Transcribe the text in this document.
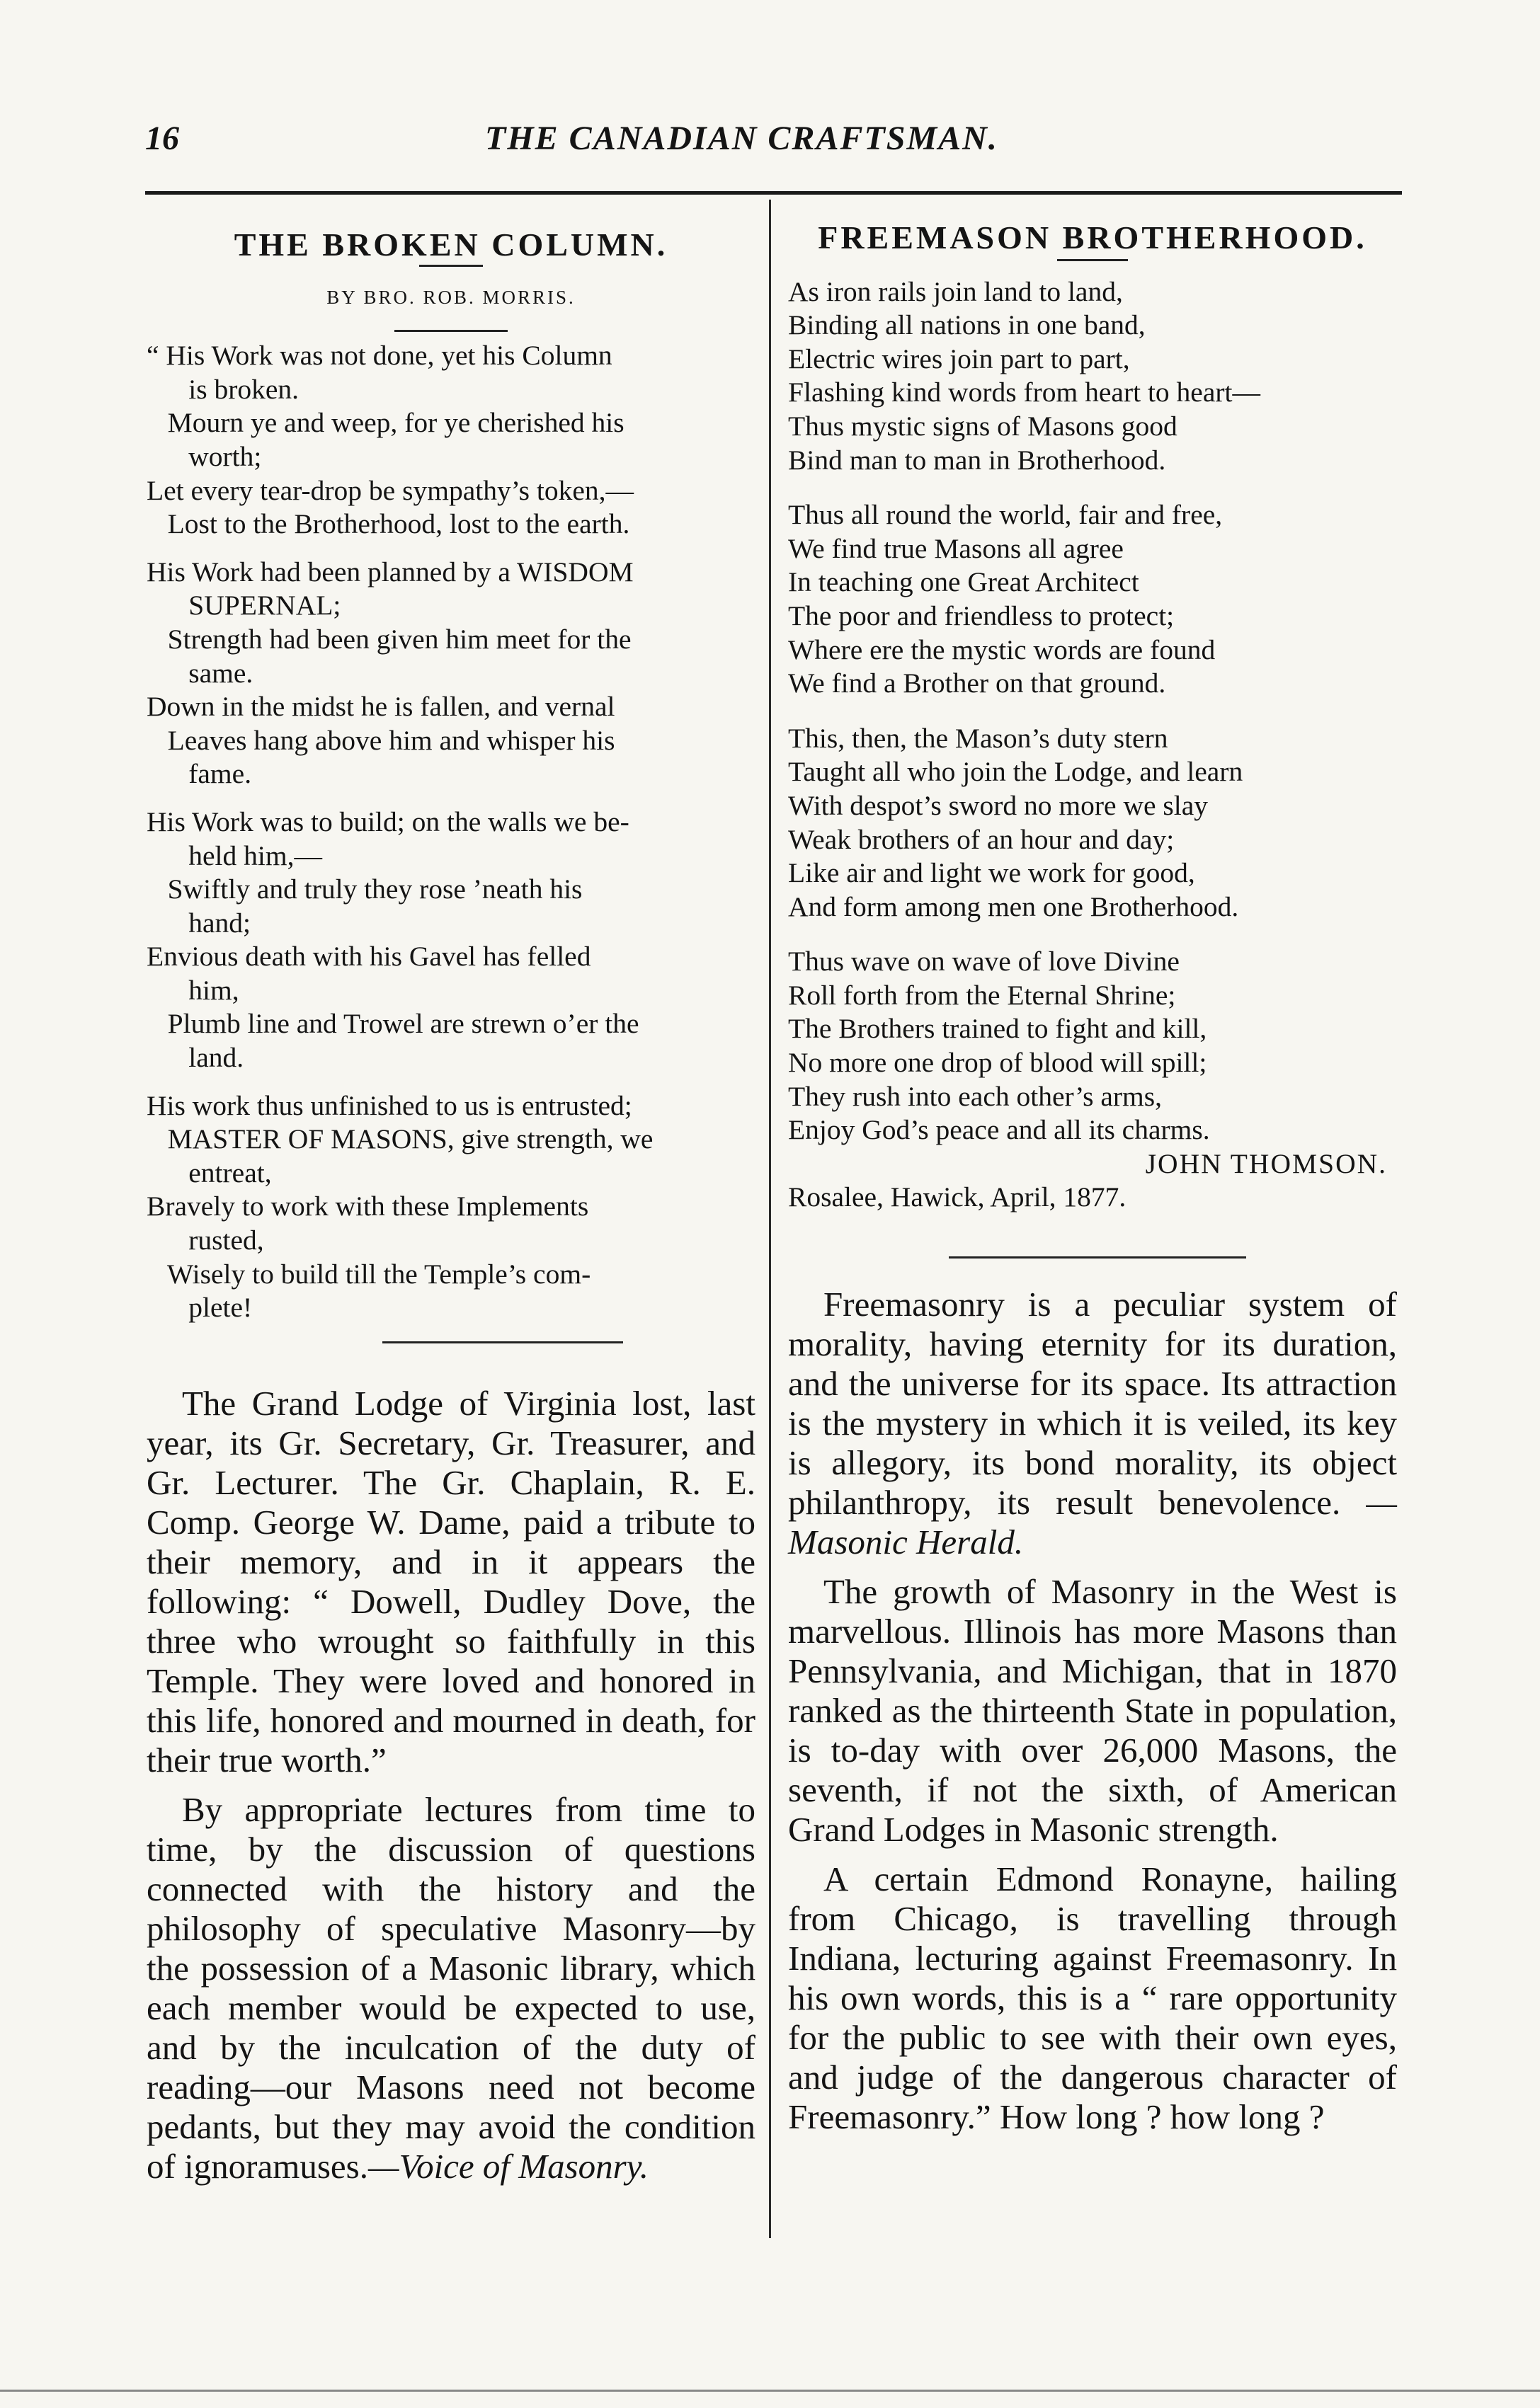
16	THE CANADIAN CRAFTSMAN.

THE BROKEN COLUMN.

BY BRO. ROB. MORRIS.

“ His Work was not done, yet his Column

is broken.

Mourn ye and weep, for ye cherished his

worth;

Let every tear-drop be sympathy’s token,—

Lost to the Brotherhood, lost to the earth.

His Work had been planned by a WISDOM

SUPERNAL;

Strength had been given him meet for the

same.

Down in the midst he is fallen, and vernal

Leaves hang above him and whisper his

fame.

His Work was to build; on the walls we be-

held him,—

Swiftly and truly they rose ’neath his

hand;

Envious death with his Gavel has felled

him,

Plumb line and Trowel are strewn o’er the

land.

His work thus unfinished to us is entrusted;

MASTER OF MASONS, give strength, we

entreat,

Bravely to work with these Implements

rusted,

Wisely to build till the Temple’s com-

plete!

The Grand Lodge of Virginia lost, last year, its Gr. Secretary, Gr. Treasurer, and Gr. Lecturer. The Gr. Chaplain, R. E. Comp. George W. Dame, paid a tribute to their memory, and in it appears the following: “ Dowell, Dudley Dove, the three who wrought so faithfully in this Temple. They were loved and honored in this life, honored and mourned in death, for their true worth.”

By appropriate lectures from time to time, by the discussion of questions connected with the history and the philosophy of speculative Masonry—by the possession of a Masonic library, which each member would be expected to use, and by the inculcation of the duty of reading—our Masons need not become pedants, but they may avoid the condition of ignoramuses.—Voice of Masonry.

FREEMASON BROTHERHOOD.

As iron rails join land to land,

Binding all nations in one band,

Electric wires join part to part,

Flashing kind words from heart to heart—

Thus mystic signs of Masons good

Bind man to man in Brotherhood.

Thus all round the world, fair and free,

We find true Masons all agree

In teaching one Great Architect

The poor and friendless to protect;

Where ere the mystic words are found

We find a Brother on that ground.

This, then, the Mason’s duty stern

Taught all who join the Lodge, and learn

With despot’s sword no more we slay

Weak brothers of an hour and day;

Like air and light we work for good,

And form among men one Brotherhood.

Thus wave on wave of love Divine

Roll forth from the Eternal Shrine;

The Brothers trained to fight and kill,

No more one drop of blood will spill;

They rush into each other’s arms,

Enjoy God’s peace and all its charms.

JOHN THOMSON.

Rosalee, Hawick, April, 1877.

Freemasonry is a peculiar system of morality, having eternity for its duration, and the universe for its space. Its attraction is the mystery in which it is veiled, its key is allegory, its bond morality, its object philanthropy, its result benevolence. —Masonic Herald.

The growth of Masonry in the West is marvellous. Illinois has more Masons than Pennsylvania, and Michigan, that in 1870 ranked as the thirteenth State in population, is to-day with over 26,000 Masons, the seventh, if not the sixth, of American Grand Lodges in Masonic strength.

A certain Edmond Ronayne, hailing from Chicago, is travelling through Indiana, lecturing against Freemasonry. In his own words, this is a “ rare opportunity for the public to see with their own eyes, and judge of the dangerous character of Freemasonry.” How long ? how long ?
